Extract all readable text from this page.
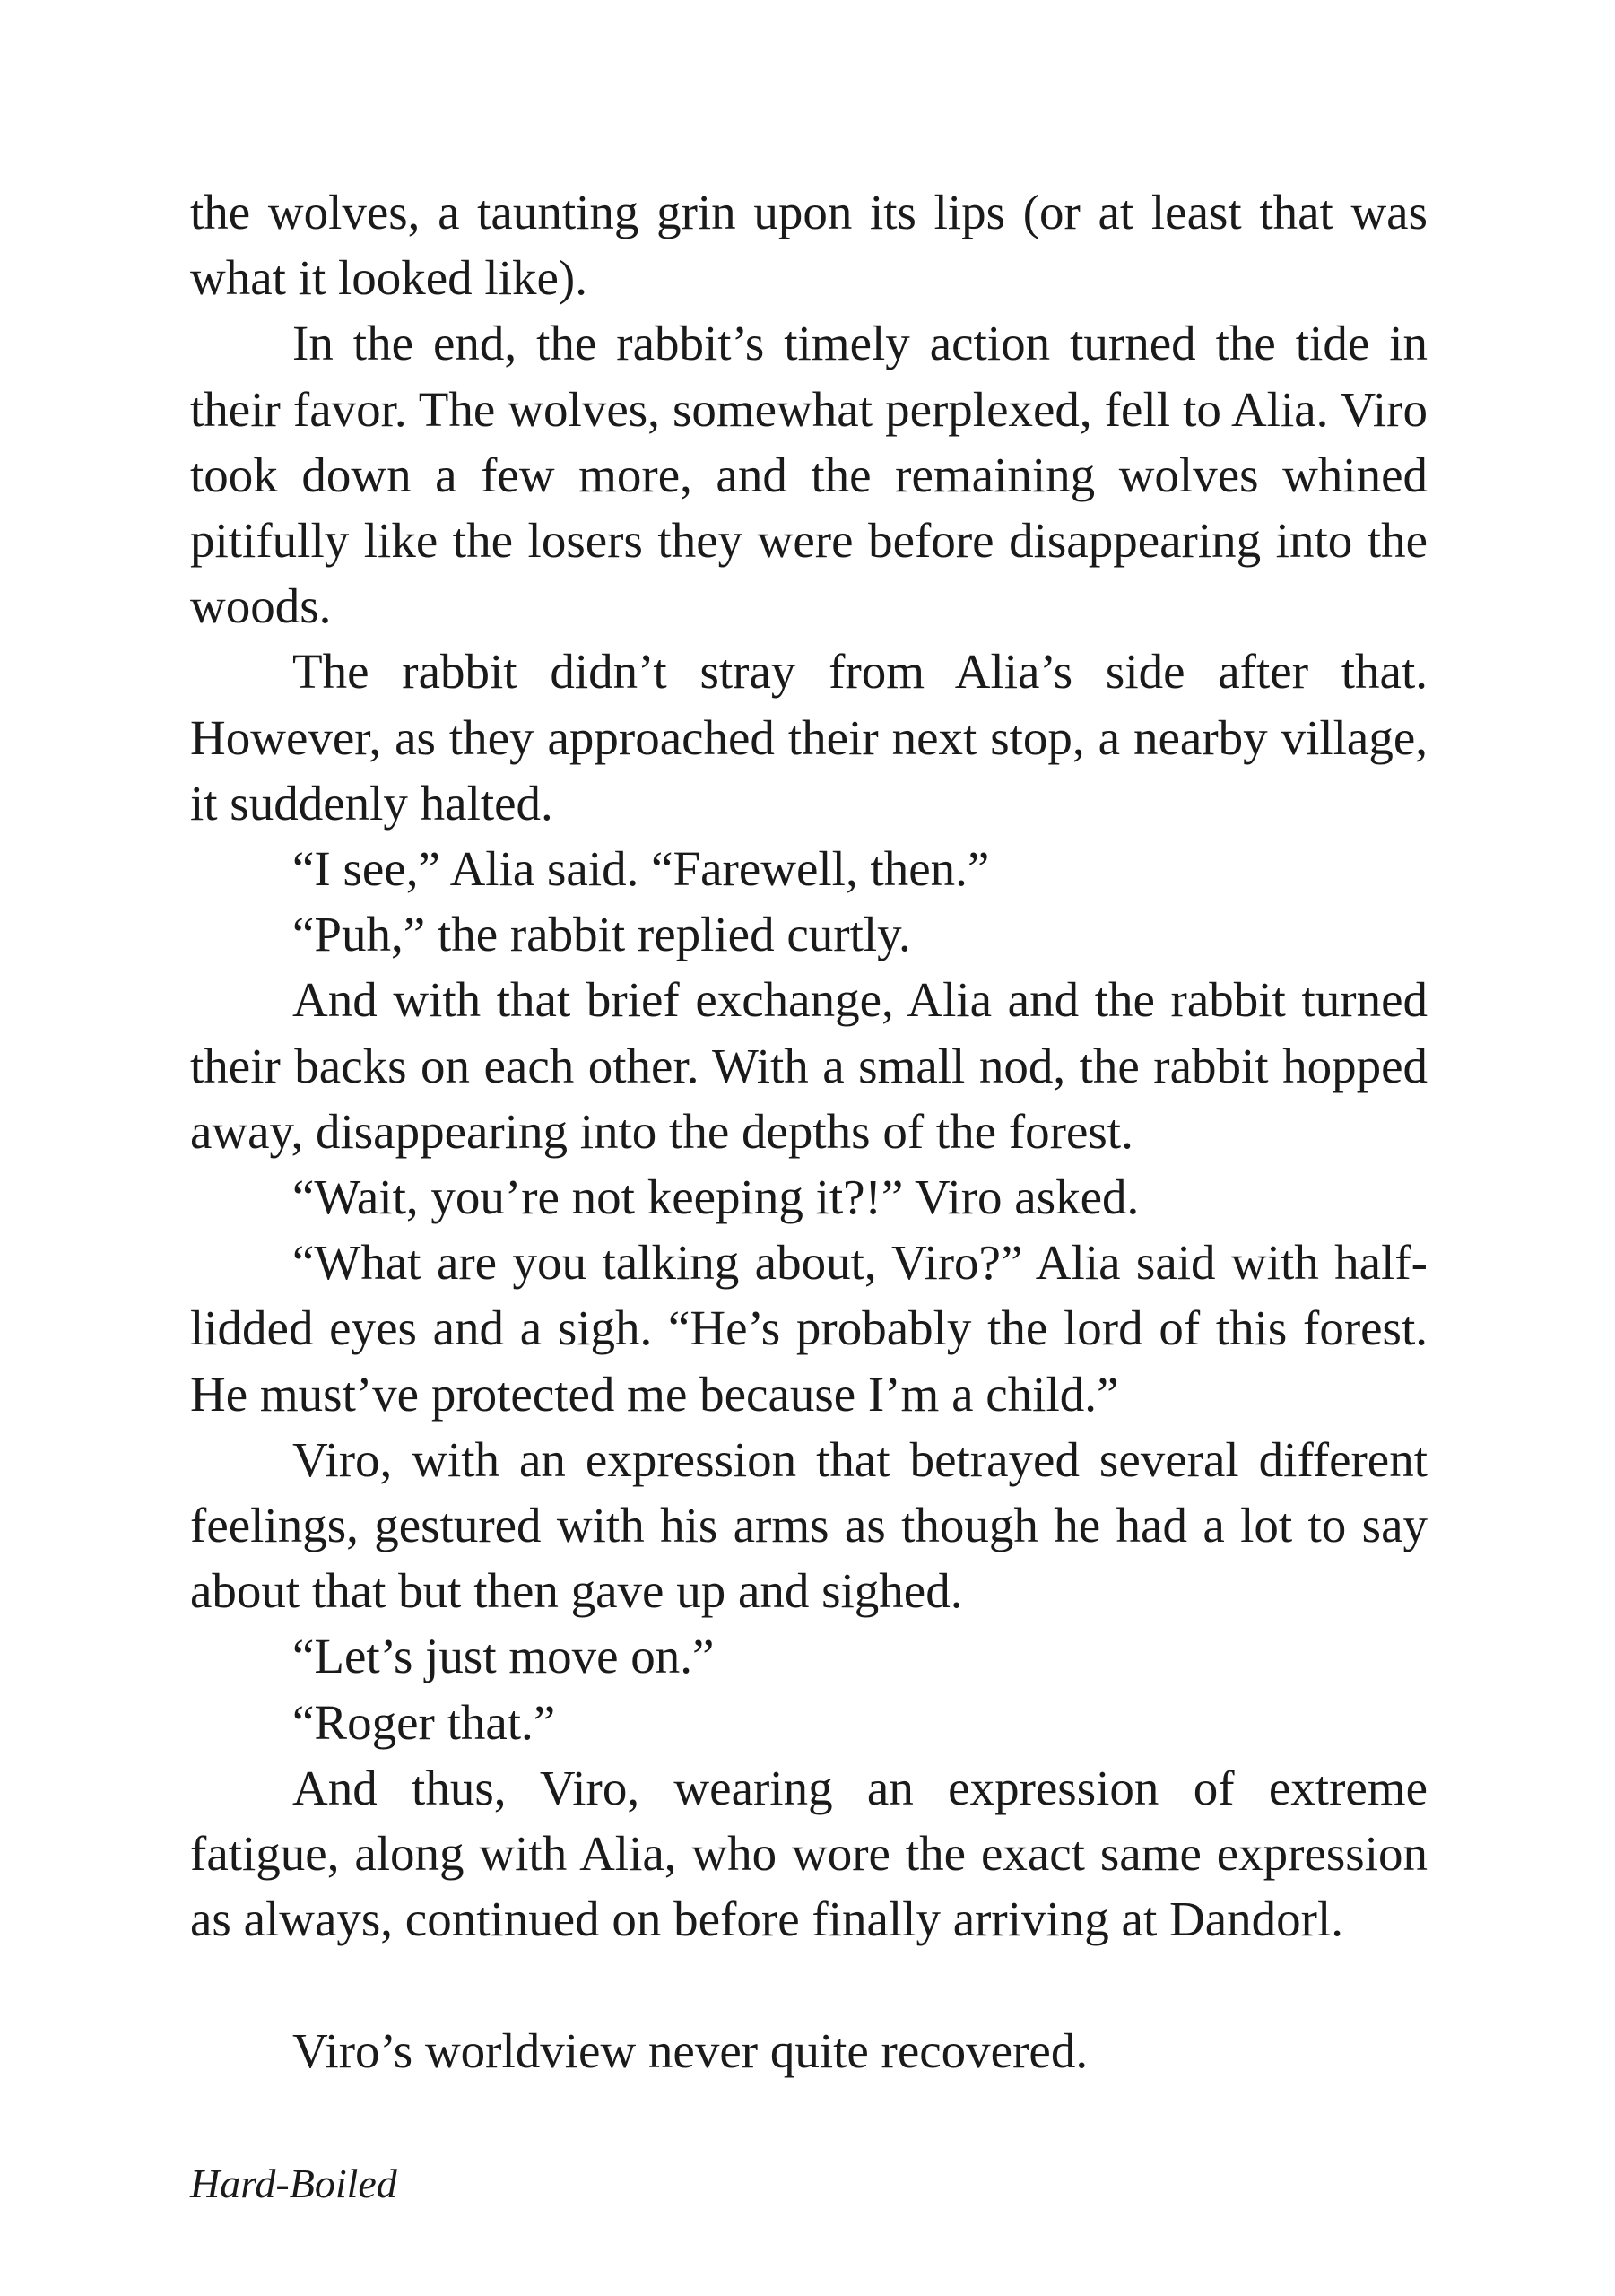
the wolves, a taunting grin upon its lips (or at least that was what it looked like).

In the end, the rabbit’s timely action turned the tide in their favor. The wolves, somewhat perplexed, fell to Alia. Viro took down a few more, and the remaining wolves whined pitifully like the losers they were before disappearing into the woods.

The rabbit didn’t stray from Alia’s side after that. However, as they approached their next stop, a nearby village, it suddenly halted.

“I see,” Alia said. “Farewell, then.”

“Puh,” the rabbit replied curtly.

And with that brief exchange, Alia and the rabbit turned their backs on each other. With a small nod, the rabbit hopped away, disappearing into the depths of the forest.

“Wait, you’re not keeping it?!” Viro asked.

“What are you talking about, Viro?” Alia said with half-lidded eyes and a sigh. “He’s probably the lord of this forest. He must’ve protected me because I’m a child.”

Viro, with an expression that betrayed several different feelings, gestured with his arms as though he had a lot to say about that but then gave up and sighed.

“Let’s just move on.”

“Roger that.”

And thus, Viro, wearing an expression of extreme fatigue, along with Alia, who wore the exact same expression as always, continued on before finally arriving at Dandorl.

Viro’s worldview never quite recovered.

Hard-Boiled
